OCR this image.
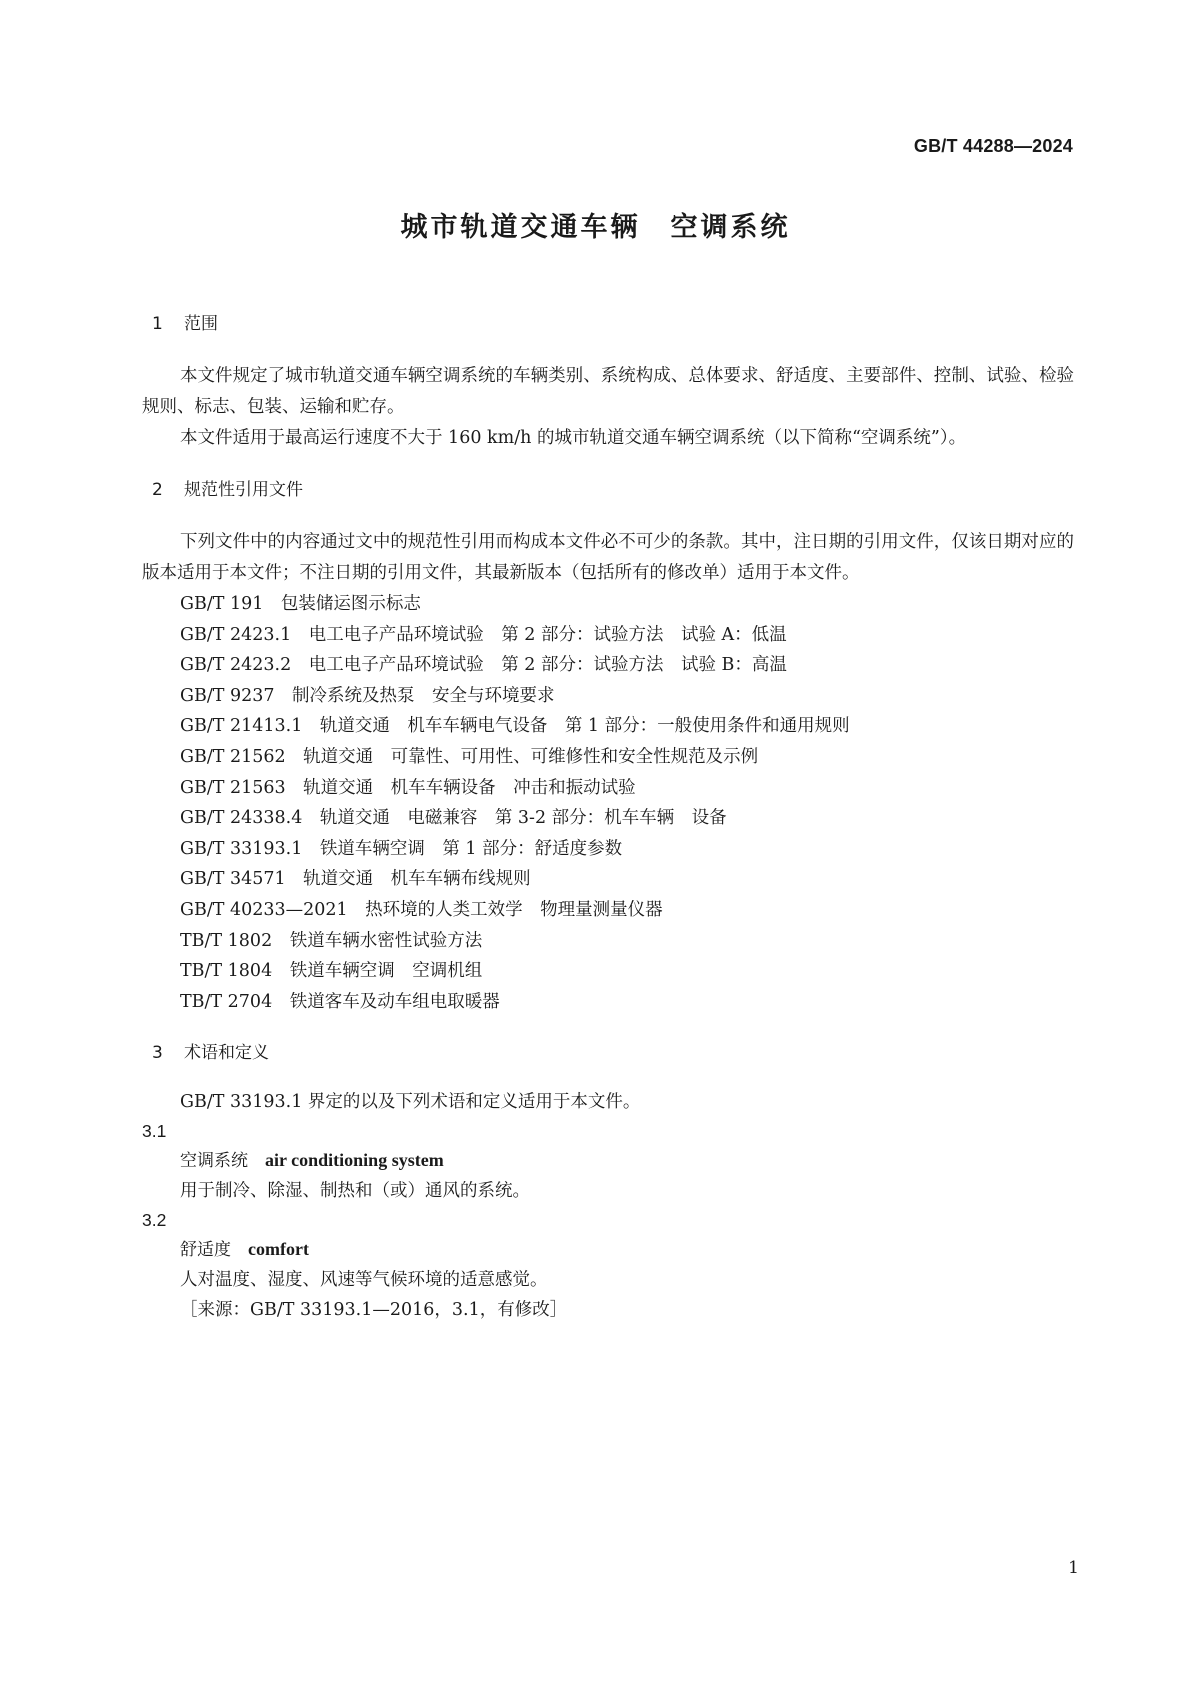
GB/T 44288—2024
城市轨道交通车辆　空调系统
1	范围

本文件规定了城市轨道交通车辆空调系统的车辆类别、系统构成、总体要求、舒适度、主要部件、控制、试验、检验规则、标志、包装、运输和贮存。

本文件适用于最高运行速度不大于 160 km/h 的城市轨道交通车辆空调系统（以下简称“空调系统”）。

2	规范性引用文件

下列文件中的内容通过文中的规范性引用而构成本文件必不可少的条款。其中，注日期的引用文件，仅该日期对应的版本适用于本文件；不注日期的引用文件，其最新版本（包括所有的修改单）适用于本文件。

GB/T 191　包装储运图示标志
GB/T 2423.1　电工电子产品环境试验　第 2 部分：试验方法　试验 A：低温
GB/T 2423.2　电工电子产品环境试验　第 2 部分：试验方法　试验 B：高温
GB/T 9237　制冷系统及热泵　安全与环境要求
GB/T 21413.1　轨道交通　机车车辆电气设备　第 1 部分：一般使用条件和通用规则
GB/T 21562　轨道交通　可靠性、可用性、可维修性和安全性规范及示例
GB/T 21563　轨道交通　机车车辆设备　冲击和振动试验
GB/T 24338.4　轨道交通　电磁兼容　第 3-2 部分：机车车辆　设备
GB/T 33193.1　铁道车辆空调　第 1 部分：舒适度参数
GB/T 34571　轨道交通　机车车辆布线规则
GB/T 40233—2021　热环境的人类工效学　物理量测量仪器
TB/T 1802　铁道车辆水密性试验方法
TB/T 1804　铁道车辆空调　空调机组
TB/T 2704　铁道客车及动车组电取暖器
3	术语和定义
GB/T 33193.1 界定的以及下列术语和定义适用于本文件。
3.1
空调系统　 air conditioning system
用于制冷、除湿、制热和（或）通风的系统。
3.2
舒适度　 comfort
人对温度、湿度、风速等气候环境的适意感觉。
［来源：GB/T 33193.1—2016，3.1，有修改］
1
